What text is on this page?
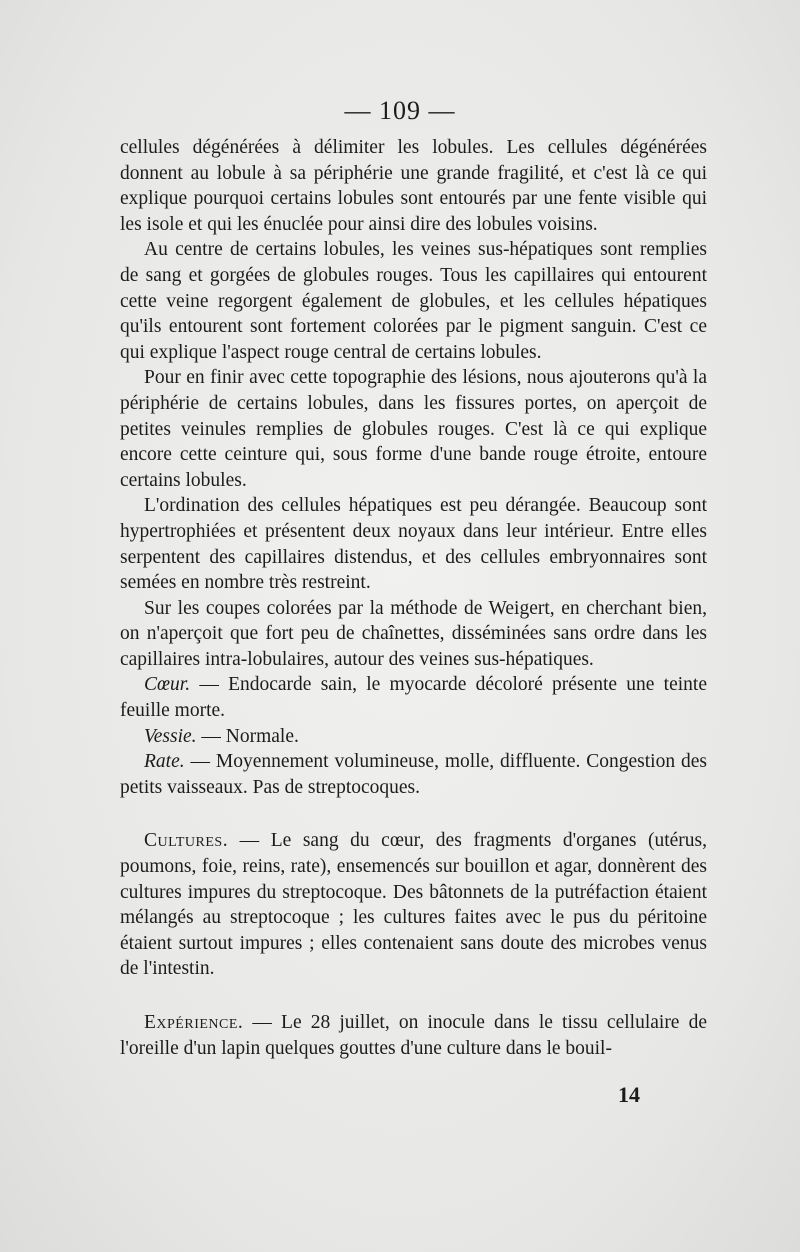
— 109 —

cellules dégénérées à délimiter les lobules. Les cellules dégénérées donnent au lobule à sa périphérie une grande fragilité, et c'est là ce qui explique pourquoi certains lobules sont entourés par une fente visible qui les isole et qui les énuclée pour ainsi dire des lobules voisins.

Au centre de certains lobules, les veines sus-hépatiques sont remplies de sang et gorgées de globules rouges. Tous les capillaires qui entourent cette veine regorgent également de globules, et les cellules hépatiques qu'ils entourent sont fortement colorées par le pigment sanguin. C'est ce qui explique l'aspect rouge central de certains lobules.

Pour en finir avec cette topographie des lésions, nous ajouterons qu'à la périphérie de certains lobules, dans les fissures portes, on aperçoit de petites veinules remplies de globules rouges. C'est là ce qui explique encore cette ceinture qui, sous forme d'une bande rouge étroite, entoure certains lobules.

L'ordination des cellules hépatiques est peu dérangée. Beaucoup sont hypertrophiées et présentent deux noyaux dans leur intérieur. Entre elles serpentent des capillaires distendus, et des cellules embryonnaires sont semées en nombre très restreint.

Sur les coupes colorées par la méthode de Weigert, en cherchant bien, on n'aperçoit que fort peu de chaînettes, disséminées sans ordre dans les capillaires intra-lobulaires, autour des veines sus-hépatiques.

Cœur. — Endocarde sain, le myocarde décoloré présente une teinte feuille morte.

Vessie. — Normale.

Rate. — Moyennement volumineuse, molle, diffluente. Congestion des petits vaisseaux. Pas de streptocoques.

Cultures. — Le sang du cœur, des fragments d'organes (utérus, poumons, foie, reins, rate), ensemencés sur bouillon et agar, donnèrent des cultures impures du streptocoque. Des bâtonnets de la putréfaction étaient mélangés au streptocoque ; les cultures faites avec le pus du péritoine étaient surtout impures ; elles contenaient sans doute des microbes venus de l'intestin.

Expérience. — Le 28 juillet, on inocule dans le tissu cellulaire de l'oreille d'un lapin quelques gouttes d'une culture dans le bouil-

14
